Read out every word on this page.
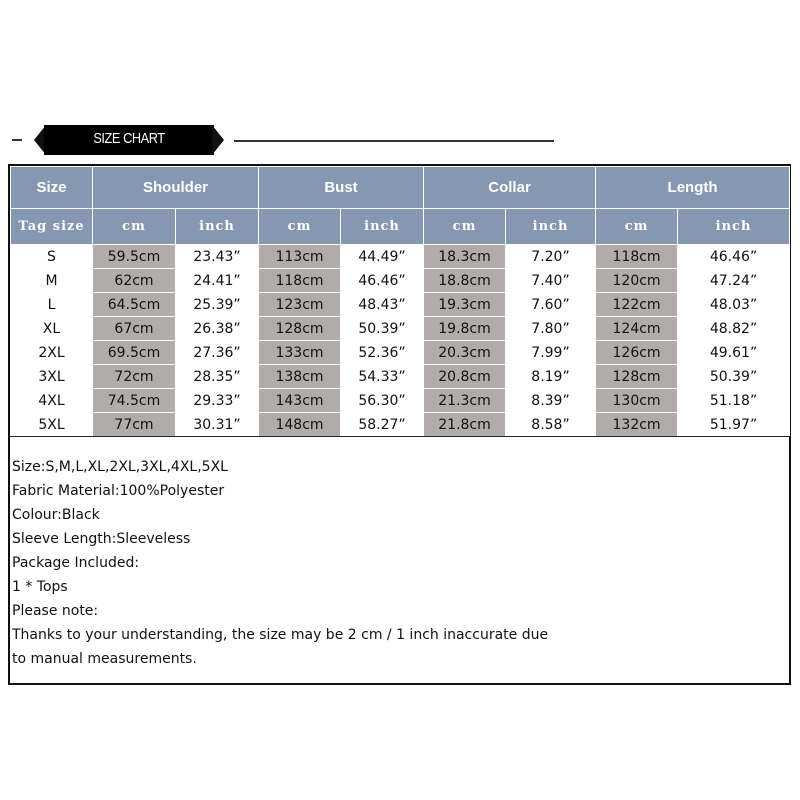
SIZE CHART
Size	Shoulder		Bust		Collar		Length	
Tag size	cm	inch	cm	inch	cm	inch	cm	inch
S	59.5cm	23.43”	113cm	44.49”	18.3cm	7.20”	118cm	46.46”
M	62cm	24.41”	118cm	46.46”	18.8cm	7.40”	120cm	47.24”
L	64.5cm	25.39”	123cm	48.43”	19.3cm	7.60”	122cm	48.03”
XL	67cm	26.38”	128cm	50.39”	19.8cm	7.80”	124cm	48.82”
2XL	69.5cm	27.36”	133cm	52.36”	20.3cm	7.99”	126cm	49.61”
3XL	72cm	28.35”	138cm	54.33”	20.8cm	8.19”	128cm	50.39”
4XL	74.5cm	29.33”	143cm	56.30”	21.3cm	8.39”	130cm	51.18”
5XL	77cm	30.31”	148cm	58.27”	21.8cm	8.58”	132cm	51.97”

Size:S,M,L,XL,2XL,3XL,4XL,5XL

Fabric Material:100%Polyester

Colour:Black

Sleeve Length:Sleeveless

Package Included:

1 * Tops

Please note:

Thanks to your understanding, the size may be 2 cm / 1 inch inaccurate due

to manual measurements.
